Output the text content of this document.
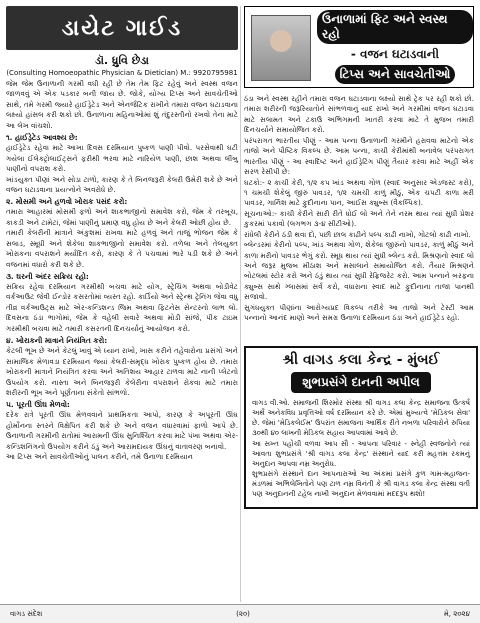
ડાયેટ ગાઈડ
ડૉ. ધ્રુવિ છેડા
(Consulting Homoeopathic Physician & Dietician) M.: 9920795981
જેમ જેમ ઉનાળાની ગરમી વધી રહી છે તેમ તેમ ફિટ રહેવું અને સ્વસ્થ વજન જાળવવું એ એક પડકાર બની જાય છે. જોકે, યોગ્ય ટિપ્સ અને સાવચેતીઓ સાથે, તમે ગરમી જ્યારે હાઈડ્રેટેડ અને એનર્જટિક રાખીને તમારા વજન ઘટાડવાના લક્ષ્યો હાંસલ કરી શકો છો. ઉનાળાના મહિનાઓમાં શું તંદુરસ્તીનો રખવો તેના માટે આ લેખ વાંચશો.
૧. હાઈડ્રેટેડ આવશ્ય છે:
હાઈડ્રેટેડ રહેવા માટે આખા દિવસ દરમિયાન પુષ્કળ પાણી પીવો. પરસેવાથી ઘટી ગયેલા ઈલેક્ટ્રોલાઈટ્સને ફરીથી ભરવા માટે નારિયેળ પાણી, છાશ અથવા લીંબુ પાણીનો વપરાશ કરો.
ખાંડયુક્ત પીણાં અને સોડા ટાળો, કારણ કે તે બિનજરૂરી કેલરી ઉમેરી શકે છે અને વજન ઘટાડવાના પ્રયત્નોને અવરોધે છે.
૨. મોસમી અને હળવો ખોરાક પસંદ કરો:
તમારા આહારમાં મોસમી ફળો અને શાકભાજીનો સમાવેશ કરો, જેમ કે તરબૂચ, કાકડી અને ટામેટાં, જેમાં પાણીનું પ્રમાણ વધુ હોય છે અને કેલરી ઓછી હોય છે.
તમારી કેલરીની માત્રાને અંકુશમાં રાખવા માટે હળવું અને તાજું ભોજન જેમ કે સલાડ, સ્મૂધી અને શેકેલા શાકભાજીનો સમાવેશ કરો. તળેલા અને તેલયુક્ત ખોરાકના વપરાશને મર્યાદિત કરો, કારણ કે તે પચવામાં ભારે પડી શકે છે અને વજનમાં વધારો કરી શકે છે.
૩. ઘરની અંદર સક્રિય રહો:
સક્રિય રહેવા દરમિયાન ગરમીથી બચવા માટે યોગ, સ્ટ્રેચિંગ અથવા બોડીવેટ વર્કઆઉટ જેવી ઈન્ડોર કસરતોમાં વ્યસ્ત રહો. કાર્ડિયો અને સ્ટ્રેન્થ ટ્રેનિંગ જેવા વધુ તીવ્ર વર્કઆઉટ્સ માટે એર-કન્ડિશન્ડ જિમ અથવા ફિટનેસ સેન્ટરનો લાભ લો. દિવસના ઠંડા ભાગોમાં, જેમ કે વહેલી સવારે અથવા મોડી સાંજે, પીક ટાઇમ ગરમીથી બચવા માટે તમારી કસરતની દિનચર્યાનું આયોજન કરો.
૪. ખોરાકની માત્રાને નિયંત્રિત કરો:
કેટલી ભૂખ છે અને કેટલું ખાવું એ ધ્યાન રાખો, ખાસ કરીને તહેવારોના પ્રસંગો અને સામાજિક મેળાવડા દરમિયાન જ્યાં કેલરી-સમૃદ્ધ ખોરાક પુષ્કળ હોય છે. તમારા ખોરાકની માત્રાને નિયંત્રિત કરવા અને અતિશય આહાર ટાળવા માટે નાની પ્લેટનો ઉપયોગ કરો. નાસ્તા અને બિનજરૂરી કેલેરીના વપરાશને રોકવા માટે તમારા શરીરની ભૂખ અને પૂર્ણતાના સંકેતો સાંભળો.
૫. પૂરતી ઊંઘ મેળવો:
દરેક રાત્રે પૂરતી ઊંઘ મેળવવાને પ્રાથમિકતા આપો, કારણ કે અપૂરતી ઊંઘ હોર્મોનના સ્તરને વિક્ષેપિત કરી શકે છે અને વજન વધારવામાં ફાળો આપે છે. ઉનાળાની ગરમીની રાતોમાં આરામની ઊંઘ સુનિશ્ચિત કરવા માટે પંખા અથવા એર-કન્ડિશનિંગનો ઉપયોગ કરીને ઠંડું અને આરામદાયક ઊંઘનું વાતાવરણ બનાવો.
આ ટિપ્સ અને સાવચેતીઓનું પાલન કરીને, તમે ઉનાળા દરમિયાન
ઉનાળામાં ફિટ અને સ્વસ્થ રહો
- વજન ઘટાડવાની
ટિપ્સ અને સાવચેતીઓ
ઠંડા અને સ્વસ્થ રહીને તમારા વજન ઘટાડવાના લક્ષ્યો સાથે ટ્રેક પર રહી શકો છો. તમારા શરીરની જરૂરિયાતોને સાંભળવાનું યાદ રાખો અને ગરમીમાં વજન ઘટાડવા માટે સલામત અને ટકાઉ અભિગમની ખાતરી કરવા માટે તે મુજબ તમારી દિનચર્યાને સમાયોજિત કરો.
પરંપરાગત ભારતીય પીણું - આમ પન્ના ઉનાળાની ગરમીને હરાવવા માટેનો એક તાજો અને પૌષ્ટિક વિકલ્પ છે. આમ પન્ના, કાચી કેરીમાંથી બનાવેલ પરંપરાગત ભારતીય પીણું - આ સ્વાદિષ્ટ અને હાઈડ્રેટિંગ પીણું તૈયાર કરવા માટે અહીં એક સરળ રેસીપી છે:
ઘટકો:- ૨ કાચી કેરી, ૧/૨ કપ ખાંડ અથવા ગોળ (સ્વાદ અનુસાર એડજસ્ટ કરો), ૧ ચમચી શેકેલું જીરું પાવડર, ૧/૨ ચમચી કાળું મીઠું, એક ચપટી કાળા મરી પાવડર, ગાર્નિશ માટે ફુદીનાના પાન, આઈસ ક્યુબ્સ (વૈકલ્પિક).
સૂચનાઓ:- કાચી કેરીને સારી રીતે ધોઈ લો અને તેને નરમ થાય ત્યાં સુધી પ્રેશર કુકરમાં પકાવો (લગભગ ૩-૪ સીટીઓ).
રાંધેલી કેરીને ઠંડી થવા દો, પછી છાલ કાઢીને પલ્પ કાઢી નાખો, ગોટલો કાઢી નાખો.
બ્લેન્ડરમાં કેરીનો પલ્પ, ખાંડ અથવા ગોળ, શેકેલા જીરુંનો પાવડર, કાળું મીઠું અને કાળા મરીનો પાવડર ભેગું કરો. સ્મૂધ થાય ત્યાં સુધી બ્લેન્ડ કરો. મિશ્રણનો સ્વાદ લો અને જરૂર મુજબ મીઠાશ અને મસાલાને સમાયોજિત કરો. તૈયાર મિશ્રણને બોટલમાં સ્ટોર કરો અને ઠંડું થાય ત્યાં સુધી રેફ્રિજરેટ કરો. આમ પન્નાને બરફના ક્યુબ્સ સાથે ગ્લાસમાં સર્વ કરો, વધારાના સ્વાદ માટે ફુદીનાના તાજા પાનથી સજાવો.
સુગંધયુક્ત પીણાંના આરોગ્યપ્રદ વિકલ્પ તરીકે આ તાજો અને ટેસ્ટી આમ પન્નાનો આનંદ માણો અને સમગ્ર ઉનાળા દરમિયાન ઠંડા અને હાઈડ્રેટેડ રહો.
શ્રી વાગડ કલા કેન્દ્ર - મુંબઈ
શુભપ્રસંગે દાનની અપીલ
વાગડ વી.ઓ. સમાજની શિરમોર સંસ્થા શ્રી વાગડ કલા કેન્દ્ર સમાજના ઉત્કર્ષ અર્થે અનેકવિધ પ્રવૃત્તિઓ વર્ષ દરમિયાન કરે છે. એમાં મુખ્યત્વે 'મેડિકલ સેવા' છે. જેમાં 'મેડિકલેઈમ' ઉપરાંત સમાજના આર્થિક રીતે નબળા પરિવારોને રુપિયા ૩૦થી ૪૦ લાખની મેડિકલ સહાય આપવામાં આવે છે.
આ સખ્ત પહોંચી વળવા આપ સૌ - આપના પરિવાર - સ્નેહી સ્વજનોને ત્યાં આવતા શુભપ્રસંગે 'શ્રી વાગડ કલા કેન્દ્ર' સંસ્થાને યાદ કરી મહત્તમ રકમનું અનુદાન આપવા નમ્ર અનુરોધ.
શુભપ્રસંગે સંસ્થાને દાન આપનારાઓ આ અંકમાં પ્રસંગે કુળ ગામ-મહાજન-મંડળમાં અભિલેખિતોને પણ ટાળ નમ્ર વિનંતી કે શ્રી વાગડ કલા કેન્દ્ર સંસ્થા વતી પણ અનુદાનની ટહેલ નાખી અનુદાન મેળવવામાં મદદરૂપ થશો!
વાગડ સંદેશ	(૨૦)	મે, ૨૦૨૪
